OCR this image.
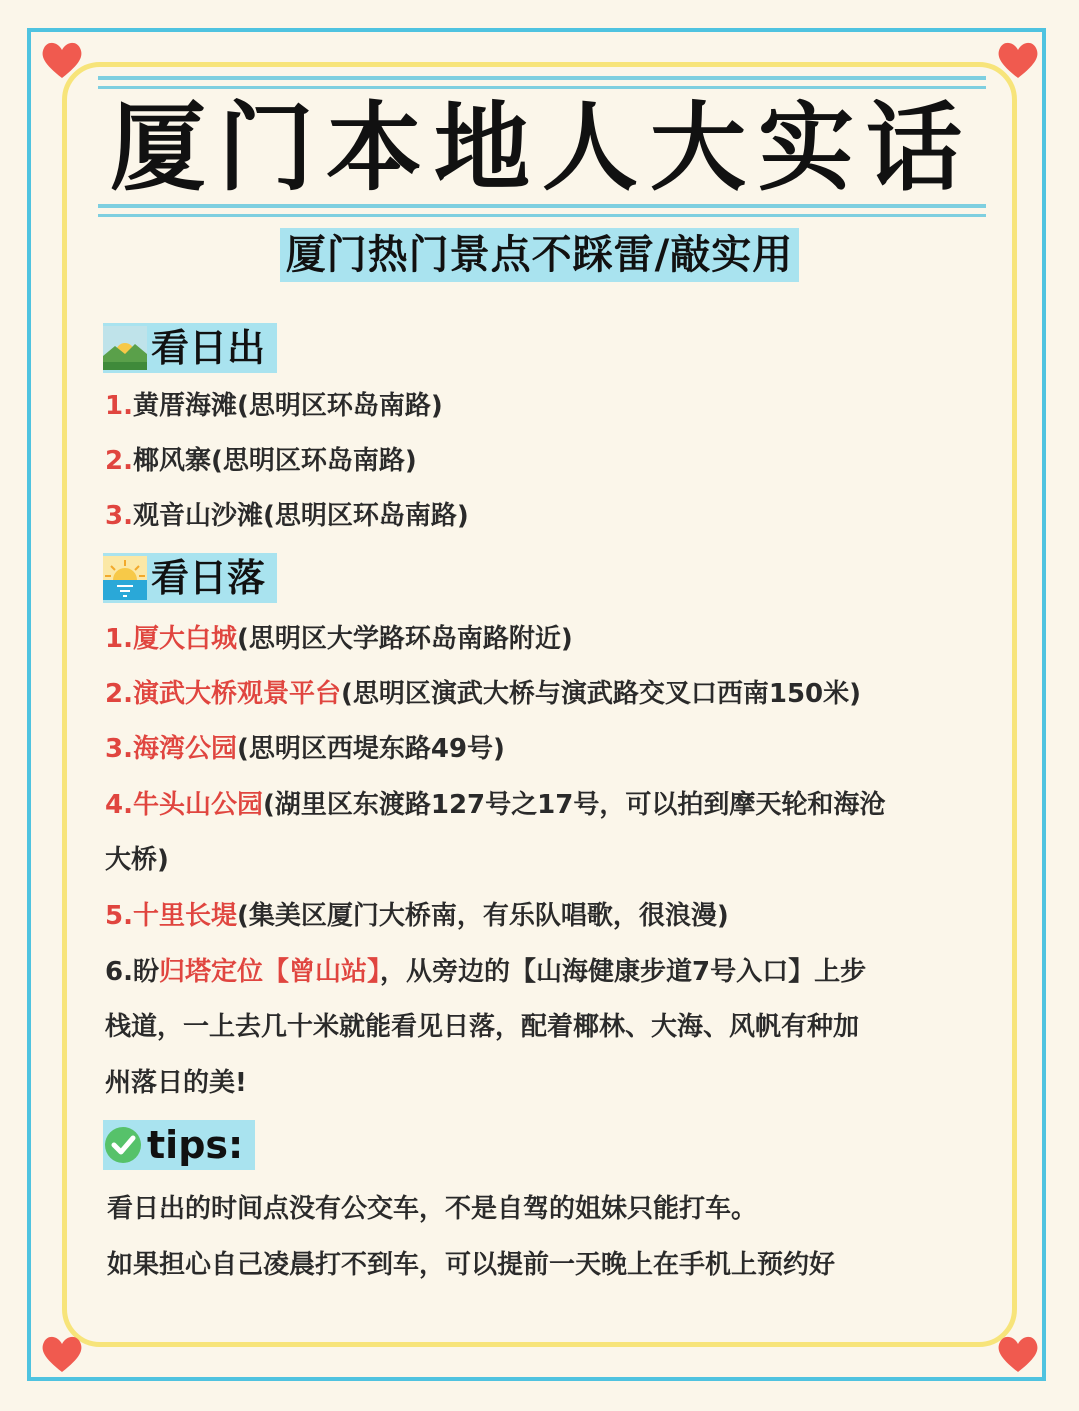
厦门本地人大实话
厦门热门景点不踩雷/敲实用
看日出
1.黄厝海滩(思明区环岛南路)
2.椰风寨(思明区环岛南路)
3.观音山沙滩(思明区环岛南路)
看日落
1.厦大白城(思明区大学路环岛南路附近)
2.演武大桥观景平台(思明区演武大桥与演武路交叉口西南150米)
3.海湾公园(思明区西堤东路49号)
4.牛头山公园(湖里区东渡路127号之17号，可以拍到摩天轮和海沧
大桥)
5.十里长堤(集美区厦门大桥南，有乐队唱歌，很浪漫)
6.盼归塔定位【曾山站】，从旁边的【山海健康步道7号入口】上步
栈道，一上去几十米就能看见日落，配着椰林、大海、风帆有种加
州落日的美!
tips:
看日出的时间点没有公交车，不是自驾的姐妹只能打车。
如果担心自己凌晨打不到车，可以提前一天晚上在手机上预约好
